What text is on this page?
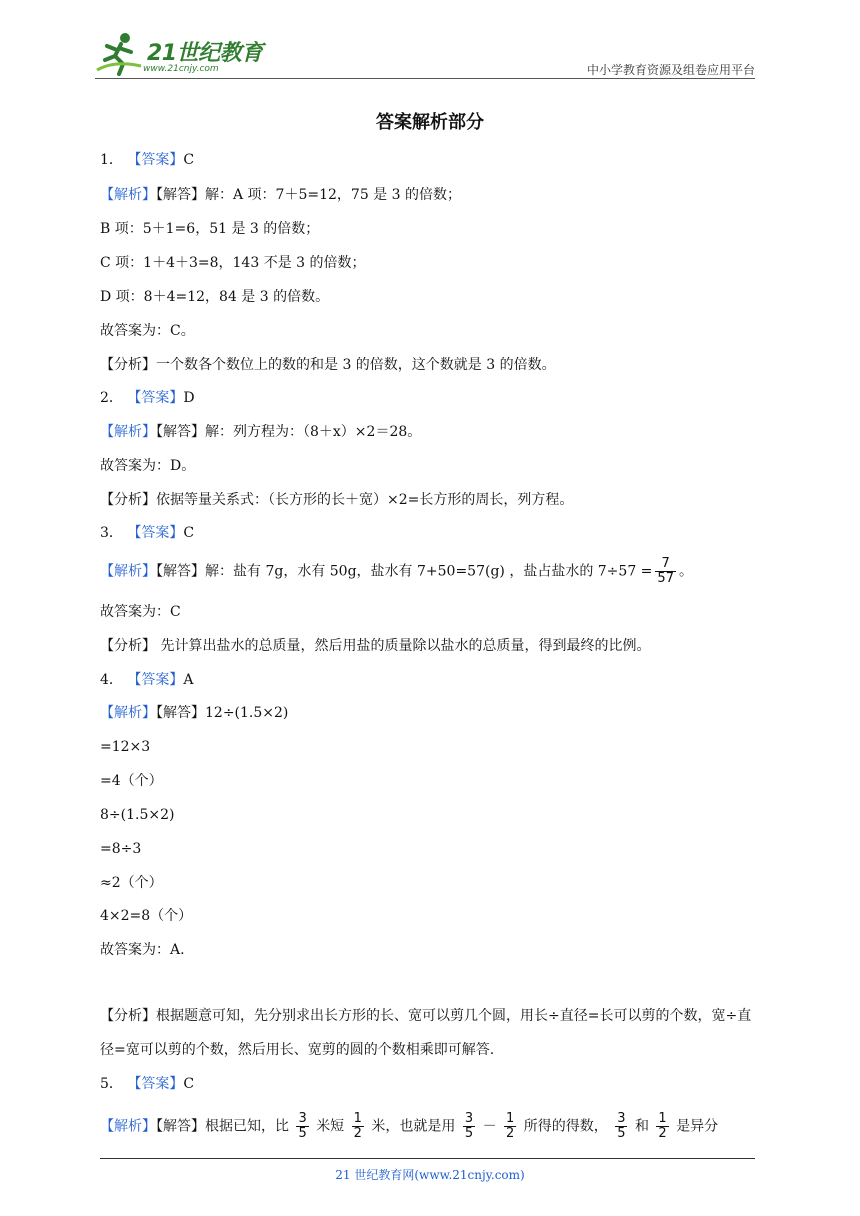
21世纪教育
www.21cnjy.com	中小学教育资源及组卷应用平台
答案解析部分
1． 【答案】C
【解析】【解答】解：A 项：7＋5=12，75 是 3 的倍数；
B 项：5＋1=6，51 是 3 的倍数；
C 项：1＋4＋3=8，143 不是 3 的倍数；
D 项：8＋4=12，84 是 3 的倍数。
故答案为：C。
【分析】一个数各个数位上的数的和是 3 的倍数，这个数就是 3 的倍数。
2． 【答案】D
【解析】【解答】解：列方程为：（8＋x）×2＝28。
故答案为：D。
【分析】依据等量关系式：（长方形的长＋宽）×2=长方形的周长，列方程。
3． 【答案】C
【解析】【解答】解：盐有 7g，水有 50g，盐水有 7+50=57(g) ，盐占盐水的 $7\div 57 = \frac{7}{57}$ 。
故答案为：C
【分析】 先计算出盐水的总质量，然后用盐的质量除以盐水的总质量，得到最终的比例。
4． 【答案】A
【解析】【解答】12÷(1.5×2)
=12×3
=4（个）
8÷(1.5×2)
=8÷3
≈2（个）
4×2=8（个）
故答案为：A.
【分析】根据题意可知，先分别求出长方形的长、宽可以剪几个圆，用长÷直径=长可以剪的个数，宽÷直径=宽可以剪的个数，然后用长、宽剪的圆的个数相乘即可解答.
5． 【答案】C
【解析】【解答】根据已知，比 $\frac{3}{5}$ 米短 $\frac{1}{2}$ 米，也就是用 $\frac{3}{5} - \frac{1}{2}$ 所得的得数， $\frac{3}{5}$ 和 $\frac{1}{2}$ 是异分
21 世纪教育网(www.21cnjy.com)
